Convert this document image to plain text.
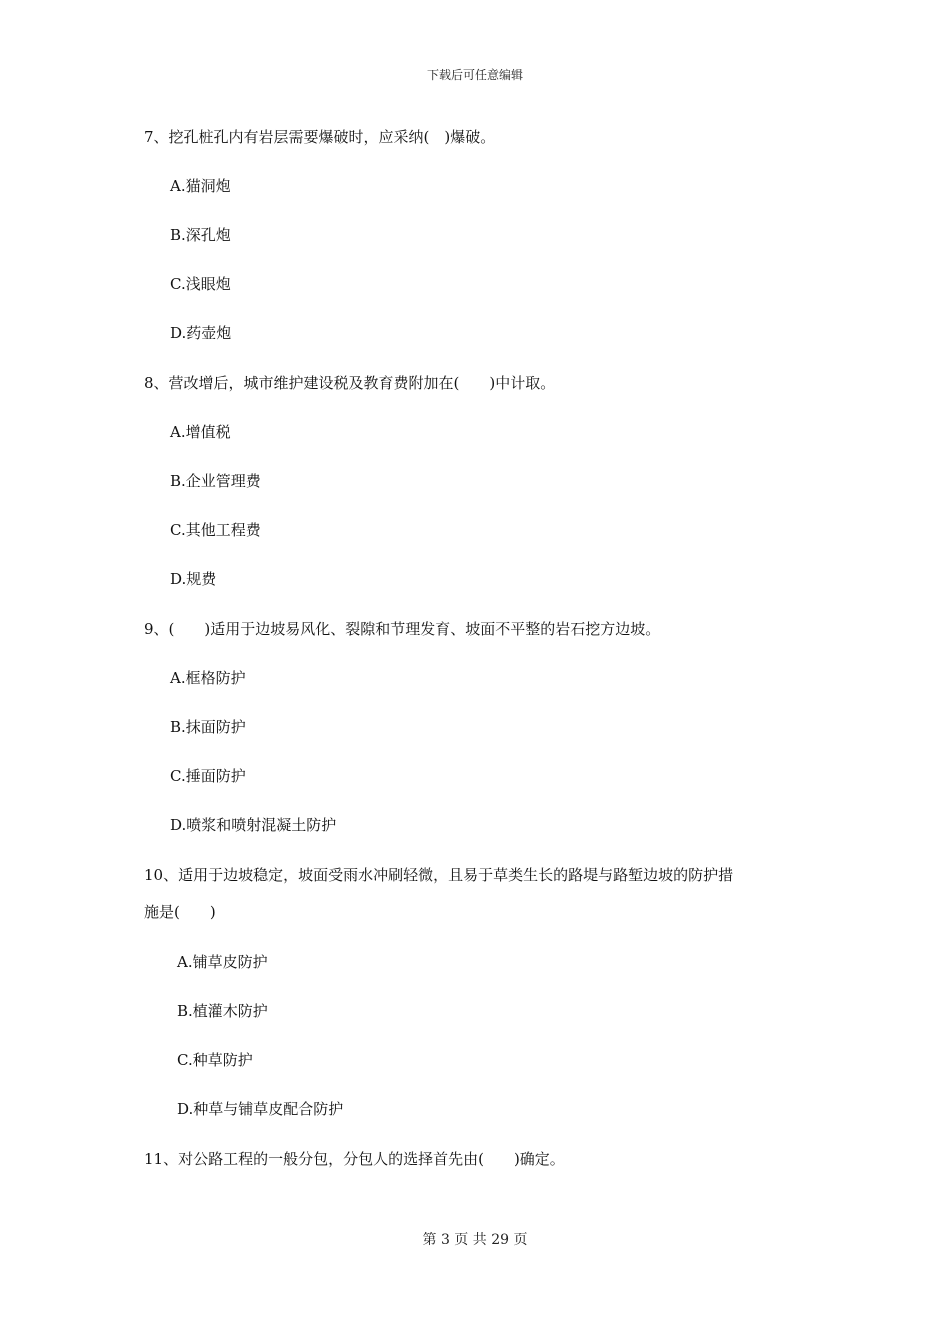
下载后可任意编辑
7、挖孔桩孔内有岩层需要爆破时，应采纳(　)爆破。
A.猫洞炮
B.深孔炮
C.浅眼炮
D.药壶炮
8、营改增后，城市维护建设税及教育费附加在(　　)中计取。
A.增值税
B.企业管理费
C.其他工程费
D.规费
9、(　　)适用于边坡易风化、裂隙和节理发育、坡面不平整的岩石挖方边坡。
A.框格防护
B.抹面防护
C.捶面防护
D.喷浆和喷射混凝土防护
10、适用于边坡稳定，坡面受雨水冲刷轻微，且易于草类生长的路堤与路堑边坡的防护措
施是(　　)
A.铺草皮防护
B.植灌木防护
C.种草防护
D.种草与铺草皮配合防护
11、对公路工程的一般分包，分包人的选择首先由(　　)确定。
第 3 页 共 29 页
